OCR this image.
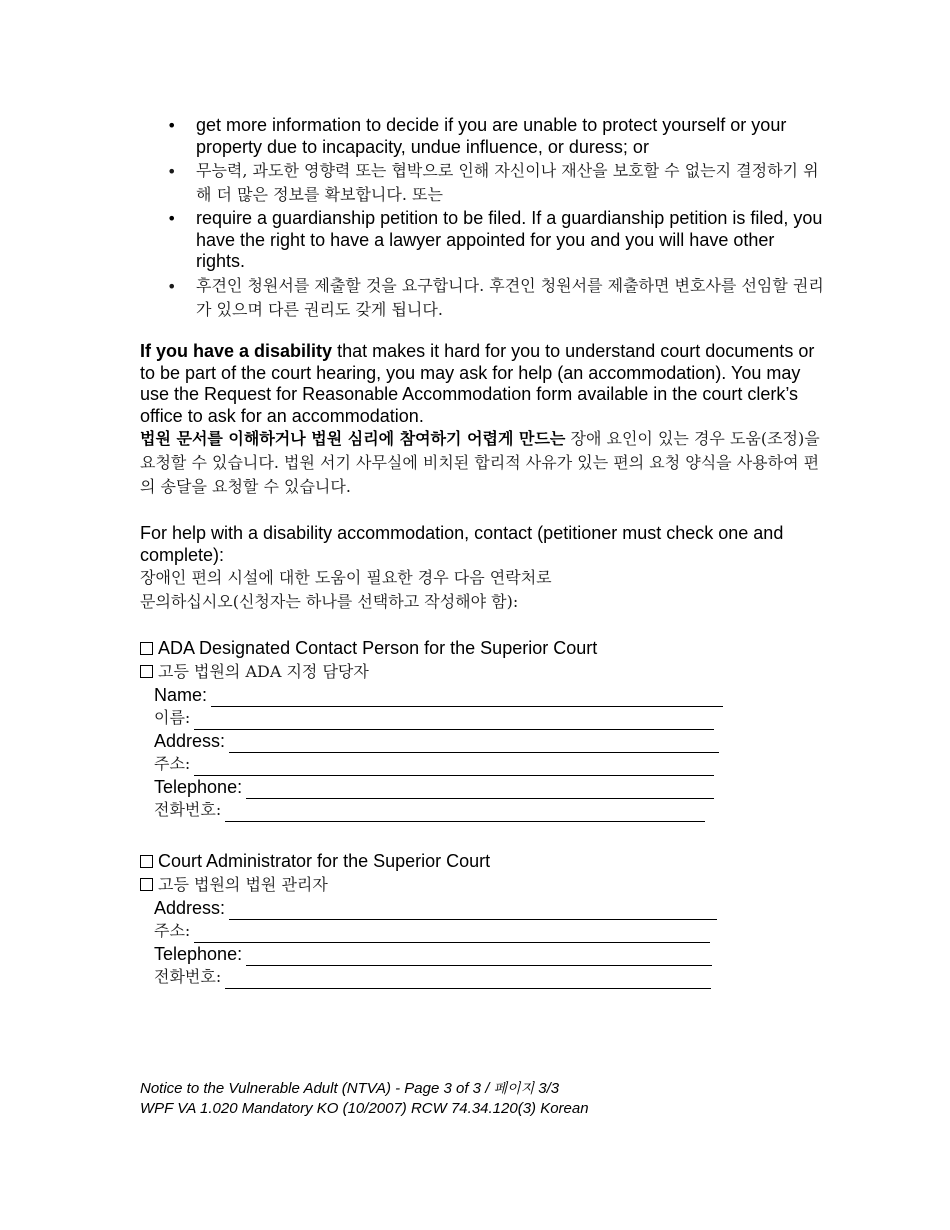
• get more information to decide if you are unable to protect yourself or your property due to incapacity, undue influence, or duress; or
• 무능력, 과도한 영향력 또는 협박으로 인해 자신이나 재산을 보호할 수 없는지 결정하기 위해 더 많은 정보를 확보합니다. 또는
• require a guardianship petition to be filed. If a guardianship petition is filed, you have the right to have a lawyer appointed for you and you will have other rights.
• 후견인 청원서를 제출할 것을 요구합니다. 후견인 청원서를 제출하면 변호사를 선임할 권리가 있으며 다른 권리도 갖게 됩니다.
If you have a disability that makes it hard for you to understand court documents or to be part of the court hearing, you may ask for help (an accommodation). You may use the Request for Reasonable Accommodation form available in the court clerk’s office to ask for an accommodation.
법원 문서를 이해하거나 법원 심리에 참여하기 어렵게 만드는 장애 요인이 있는 경우 도움(조정)을 요청할 수 있습니다. 법원 서기 사무실에 비치된 합리적 사유가 있는 편의 요청 양식을 사용하여 편의 송달을 요청할 수 있습니다.
For help with a disability accommodation, contact (petitioner must check one and complete):
장애인 편의 시설에 대한 도움이 필요한 경우 다음 연락처로
문의하십시오(신청자는 하나를 선택하고 작성해야 함):
ADA Designated Contact Person for the Superior Court
고등 법원의 ADA 지정 담당자
Name:
이름:
Address:
주소:
Telephone:
전화번호:
Court Administrator for the Superior Court
고등 법원의 법원 관리자
Address:
주소:
Telephone:
전화번호:
Notice to the Vulnerable Adult (NTVA) - Page 3 of 3 / 페이지 3/3
WPF VA 1.020 Mandatory KO (10/2007) RCW 74.34.120(3) Korean
